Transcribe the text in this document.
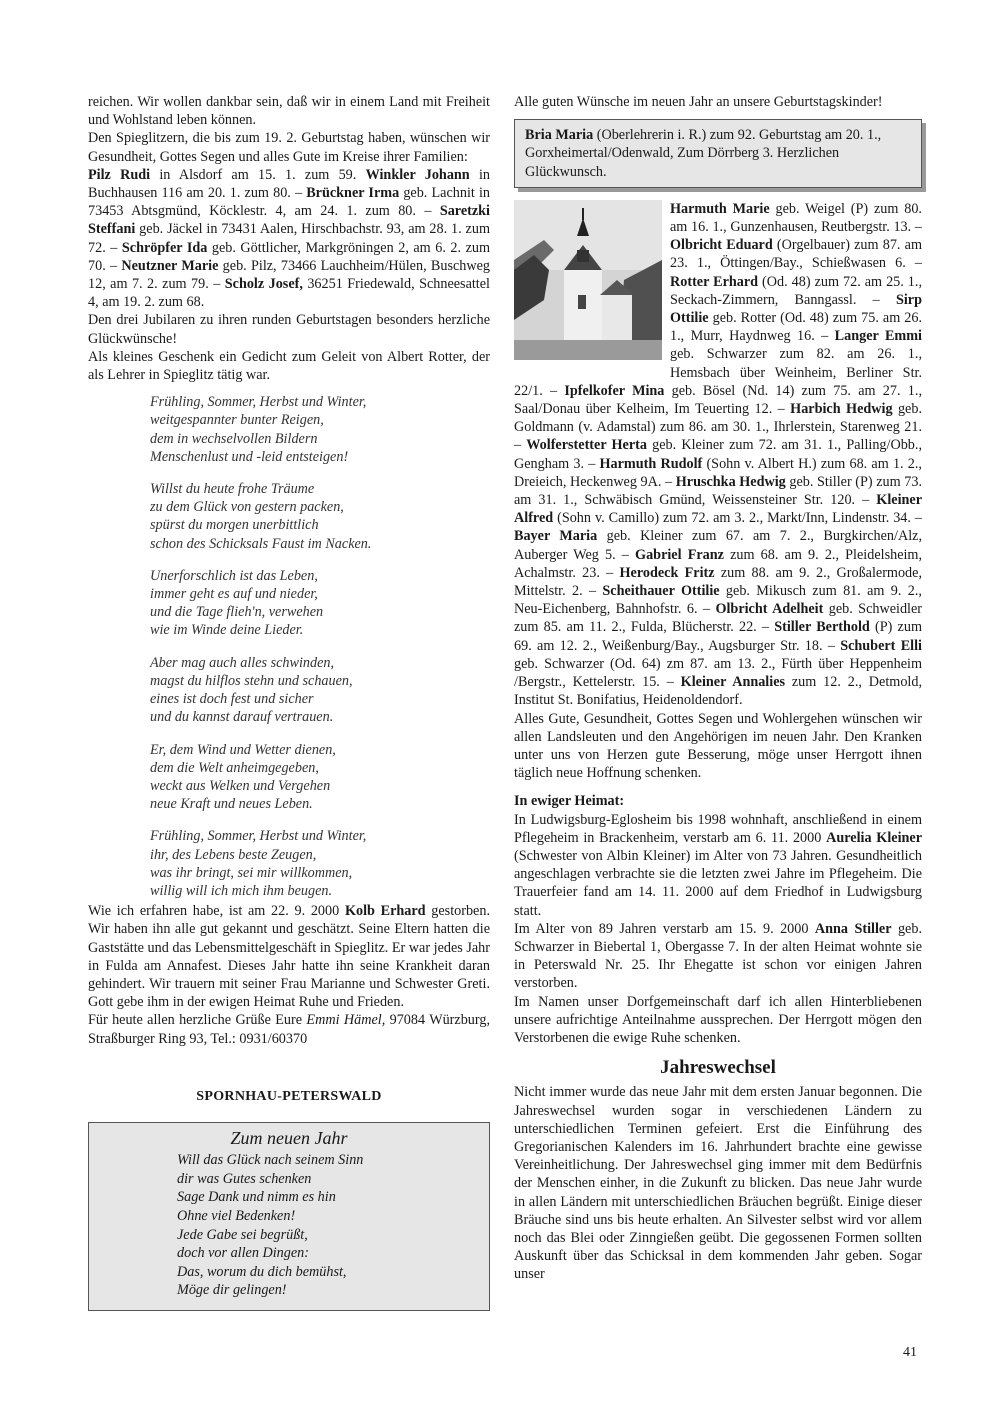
reichen. Wir wollen dankbar sein, daß wir in einem Land mit Freiheit und Wohlstand leben können.

Den Spieglitzern, die bis zum 19. 2. Geburtstag haben, wünschen wir Gesundheit, Gottes Segen und alles Gute im Kreise ihrer Familien:

Pilz Rudi in Alsdorf am 15. 1. zum 59. Winkler Johann in Buchhausen 116 am 20. 1. zum 80. – Brückner Irma geb. Lachnit in 73453 Abtsgmünd, Köcklestr. 4, am 24. 1. zum 80. – Saretzki Steffani geb. Jäckel in 73431 Aalen, Hirschbachstr. 93, am 28. 1. zum 72. – Schröpfer Ida geb. Göttlicher, Markgröningen 2, am 6. 2. zum 70. – Neutzner Marie geb. Pilz, 73466 Lauchheim/Hülen, Buschweg 12, am 7. 2. zum 79. – Scholz Josef, 36251 Friedewald, Schneesattel 4, am 19. 2. zum 68.

Den drei Jubilaren zu ihren runden Geburtstagen besonders herzliche Glückwünsche!

Als kleines Geschenk ein Gedicht zum Geleit von Albert Rotter, der als Lehrer in Spieglitz tätig war.

Frühling, Sommer, Herbst und Winter,
weitgespannter bunter Reigen,
dem in wechselvollen Bildern
Menschenlust und -leid entsteigen!
Willst du heute frohe Träume
zu dem Glück von gestern packen,
spürst du morgen unerbittlich
schon des Schicksals Faust im Nacken.
Unerforschlich ist das Leben,
immer geht es auf und nieder,
und die Tage flieh'n, verwehen
wie im Winde deine Lieder.
Aber mag auch alles schwinden,
magst du hilflos stehn und schauen,
eines ist doch fest und sicher
und du kannst darauf vertrauen.
Er, dem Wind und Wetter dienen,
dem die Welt anheimgegeben,
weckt aus Welken und Vergehen
neue Kraft und neues Leben.
Frühling, Sommer, Herbst und Winter,
ihr, des Lebens beste Zeugen,
was ihr bringt, sei mir willkommen,
willig will ich mich ihm beugen.

Wie ich erfahren habe, ist am 22. 9. 2000 Kolb Erhard gestorben. Wir haben ihn alle gut gekannt und geschätzt. Seine Eltern hatten die Gaststätte und das Lebensmittelgeschäft in Spieglitz. Er war jedes Jahr in Fulda am Annafest. Dieses Jahr hatte ihn seine Krankheit daran gehindert. Wir trauern mit seiner Frau Marianne und Schwester Greti. Gott gebe ihm in der ewigen Heimat Ruhe und Frieden.

Für heute allen herzliche Grüße Eure Emmi Hämel, 97084 Würzburg, Straßburger Ring 93, Tel.: 0931/60370

SPORNHAU-PETERSWALD
Zum neuen Jahr
Will das Glück nach seinem Sinn
dir was Gutes schenken
Sage Dank und nimm es hin
Ohne viel Bedenken!
Jede Gabe sei begrüßt,
doch vor allen Dingen:
Das, worum du dich bemühst,
Möge dir gelingen!

Alle guten Wünsche im neuen Jahr an unsere Geburtstagskinder!

Bria Maria (Oberlehrerin i. R.) zum 92. Geburtstag am 20. 1., Gorxheimertal/Odenwald, Zum Dörrberg 3. Herzlichen Glückwunsch.

Harmuth Marie geb. Weigel (P) zum 80. am 16. 1., Gunzenhausen, Reutbergstr. 13. – Olbricht Eduard (Orgelbauer) zum 87. am 23. 1., Öttingen/Bay., Schießwasen 6. – Rotter Erhard (Od. 48) zum 72. am 25. 1., Seckach-Zimmern, Banngassl. – Sirp Ottilie geb. Rotter (Od. 48) zum 75. am 26. 1., Murr, Haydnweg 16. – Langer Emmi geb. Schwarzer zum 82. am 26. 1., Hemsbach über Weinheim, Berliner Str. 22/1. – Ipfelkofer Mina geb. Bösel (Nd. 14) zum 75. am 27. 1., Saal/Donau über Kelheim, Im Teuerting 12. – Harbich Hedwig geb. Goldmann (v. Adamstal) zum 86. am 30. 1., Ihrlerstein, Starenweg 21. – Wolferstetter Herta geb. Kleiner zum 72. am 31. 1., Palling/Obb., Gengham 3. – Harmuth Rudolf (Sohn v. Albert H.) zum 68. am 1. 2., Dreieich, Heckenweg 9A. – Hruschka Hedwig geb. Stiller (P) zum 73. am 31. 1., Schwäbisch Gmünd, Weissensteiner Str. 120. – Kleiner Alfred (Sohn v. Camillo) zum 72. am 3. 2., Markt/Inn, Lindenstr. 34. – Bayer Maria geb. Kleiner zum 67. am 7. 2., Burgkirchen/Alz, Auberger Weg 5. – Gabriel Franz zum 68. am 9. 2., Pleidelsheim, Achalmstr. 23. – Herodeck Fritz zum 88. am 9. 2., Großalermode, Mittelstr. 2. – Scheithauer Ottilie geb. Mikusch zum 81. am 9. 2., Neu-Eichenberg, Bahnhofstr. 6. – Olbricht Adelheit geb. Schweidler zum 85. am 11. 2., Fulda, Blücherstr. 22. – Stiller Berthold (P) zum 69. am 12. 2., Weißenburg/Bay., Augsburger Str. 18. – Schubert Elli geb. Schwarzer (Od. 64) zm 87. am 13. 2., Fürth über Heppenheim /Bergstr., Kettelerstr. 15. – Kleiner Annalies zum 12. 2., Detmold, Institut St. Bonifatius, Heidenoldendorf.

Alles Gute, Gesundheit, Gottes Segen und Wohlergehen wünschen wir allen Landsleuten und den Angehörigen im neuen Jahr. Den Kranken unter uns von Herzen gute Besserung, möge unser Herrgott ihnen täglich neue Hoffnung schenken.

In ewiger Heimat:

In Ludwigsburg-Eglosheim bis 1998 wohnhaft, anschließend in einem Pflegeheim in Brackenheim, verstarb am 6. 11. 2000 Aurelia Kleiner (Schwester von Albin Kleiner) im Alter von 73 Jahren. Gesundheitlich angeschlagen verbrachte sie die letzten zwei Jahre im Pflegeheim. Die Trauerfeier fand am 14. 11. 2000 auf dem Friedhof in Ludwigsburg statt.

Im Alter von 89 Jahren verstarb am 15. 9. 2000 Anna Stiller geb. Schwarzer in Biebertal 1, Obergasse 7. In der alten Heimat wohnte sie in Peterswald Nr. 25. Ihr Ehegatte ist schon vor einigen Jahren verstorben.

Im Namen unser Dorfgemeinschaft darf ich allen Hinterbliebenen unsere aufrichtige Anteilnahme aussprechen. Der Herrgott mögen den Verstorbenen die ewige Ruhe schenken.

Jahreswechsel

Nicht immer wurde das neue Jahr mit dem ersten Januar begonnen. Die Jahreswechsel wurden sogar in verschiedenen Ländern zu unterschiedlichen Terminen gefeiert. Erst die Einführung des Gregorianischen Kalenders im 16. Jahrhundert brachte eine gewisse Vereinheitlichung. Der Jahreswechsel ging immer mit dem Bedürfnis der Menschen einher, in die Zukunft zu blicken. Das neue Jahr wurde in allen Ländern mit unterschiedlichen Bräuchen begrüßt. Einige dieser Bräuche sind uns bis heute erhalten. An Silvester selbst wird vor allem noch das Blei oder Zinngießen geübt. Die gegossenen Formen sollten Auskunft über das Schicksal in dem kommenden Jahr geben. Sogar unser

41
